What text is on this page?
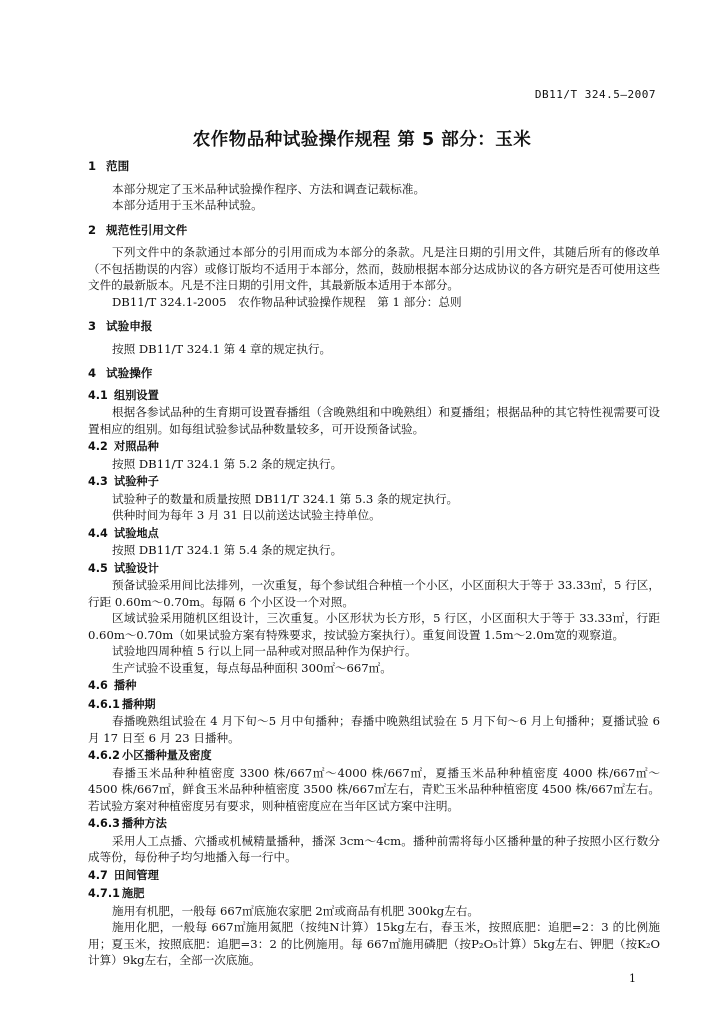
DB11/T 324.5—2007
农作物品种试验操作规程 第 5 部分：玉米
1 范围

本部分规定了玉米品种试验操作程序、方法和调查记载标准。

本部分适用于玉米品种试验。

2 规范性引用文件

下列文件中的条款通过本部分的引用而成为本部分的条款。凡是注日期的引用文件，其随后所有的修改单（不包括勘误的内容）或修订版均不适用于本部分，然而，鼓励根据本部分达成协议的各方研究是否可使用这些文件的最新版本。凡是不注日期的引用文件，其最新版本适用于本部分。

DB11/T 324.1-2005　农作物品种试验操作规程　第 1 部分：总则

3 试验申报

按照 DB11/T 324.1 第 4 章的规定执行。

4 试验操作
4.1 组别设置

根据各参试品种的生育期可设置春播组（含晚熟组和中晚熟组）和夏播组；根据品种的其它特性视需要可设置相应的组别。如每组试验参试品种数量较多，可开设预备试验。

4.2 对照品种

按照 DB11/T 324.1 第 5.2 条的规定执行。

4.3 试验种子

试验种子的数量和质量按照 DB11/T 324.1 第 5.3 条的规定执行。

供种时间为每年 3 月 31 日以前送达试验主持单位。

4.4 试验地点

按照 DB11/T 324.1 第 5.4 条的规定执行。

4.5 试验设计

预备试验采用间比法排列，一次重复，每个参试组合种植一个小区，小区面积大于等于 33.33㎡，5 行区，行距 0.60m～0.70m。每隔 6 个小区设一个对照。

区域试验采用随机区组设计，三次重复。小区形状为长方形，5 行区，小区面积大于等于 33.33㎡，行距 0.60m～0.70m（如果试验方案有特殊要求，按试验方案执行）。重复间设置 1.5m～2.0m宽的观察道。

试验地四周种植 5 行以上同一品种或对照品种作为保护行。

生产试验不设重复，每点每品种面积 300㎡～667㎡。

4.6 播种
4.6.1 播种期

春播晚熟组试验在 4 月下旬～5 月中旬播种；春播中晚熟组试验在 5 月下旬～6 月上旬播种；夏播试验 6 月 17 日至 6 月 23 日播种。

4.6.2 小区播种量及密度

春播玉米品种种植密度 3300 株/667㎡～4000 株/667㎡，夏播玉米品种种植密度 4000 株/667㎡～4500 株/667㎡，鲜食玉米品种种植密度 3500 株/667㎡左右，青贮玉米品种种植密度 4500 株/667㎡左右。若试验方案对种植密度另有要求，则种植密度应在当年区试方案中注明。

4.6.3 播种方法

采用人工点播、穴播或机械精量播种，播深 3cm～4cm。播种前需将每小区播种量的种子按照小区行数分成等份，每份种子均匀地播入每一行中。

4.7 田间管理
4.7.1 施肥

施用有机肥，一般每 667㎡底施农家肥 2㎡或商品有机肥 300kg左右。

施用化肥，一般每 667㎡施用氮肥（按纯N计算）15kg左右，春玉米，按照底肥：追肥=2：3 的比例施用；夏玉米，按照底肥：追肥=3：2 的比例施用。每 667㎡施用磷肥（按P₂O₅计算）5kg左右、钾肥（按K₂O计算）9kg左右，全部一次底施。

1
